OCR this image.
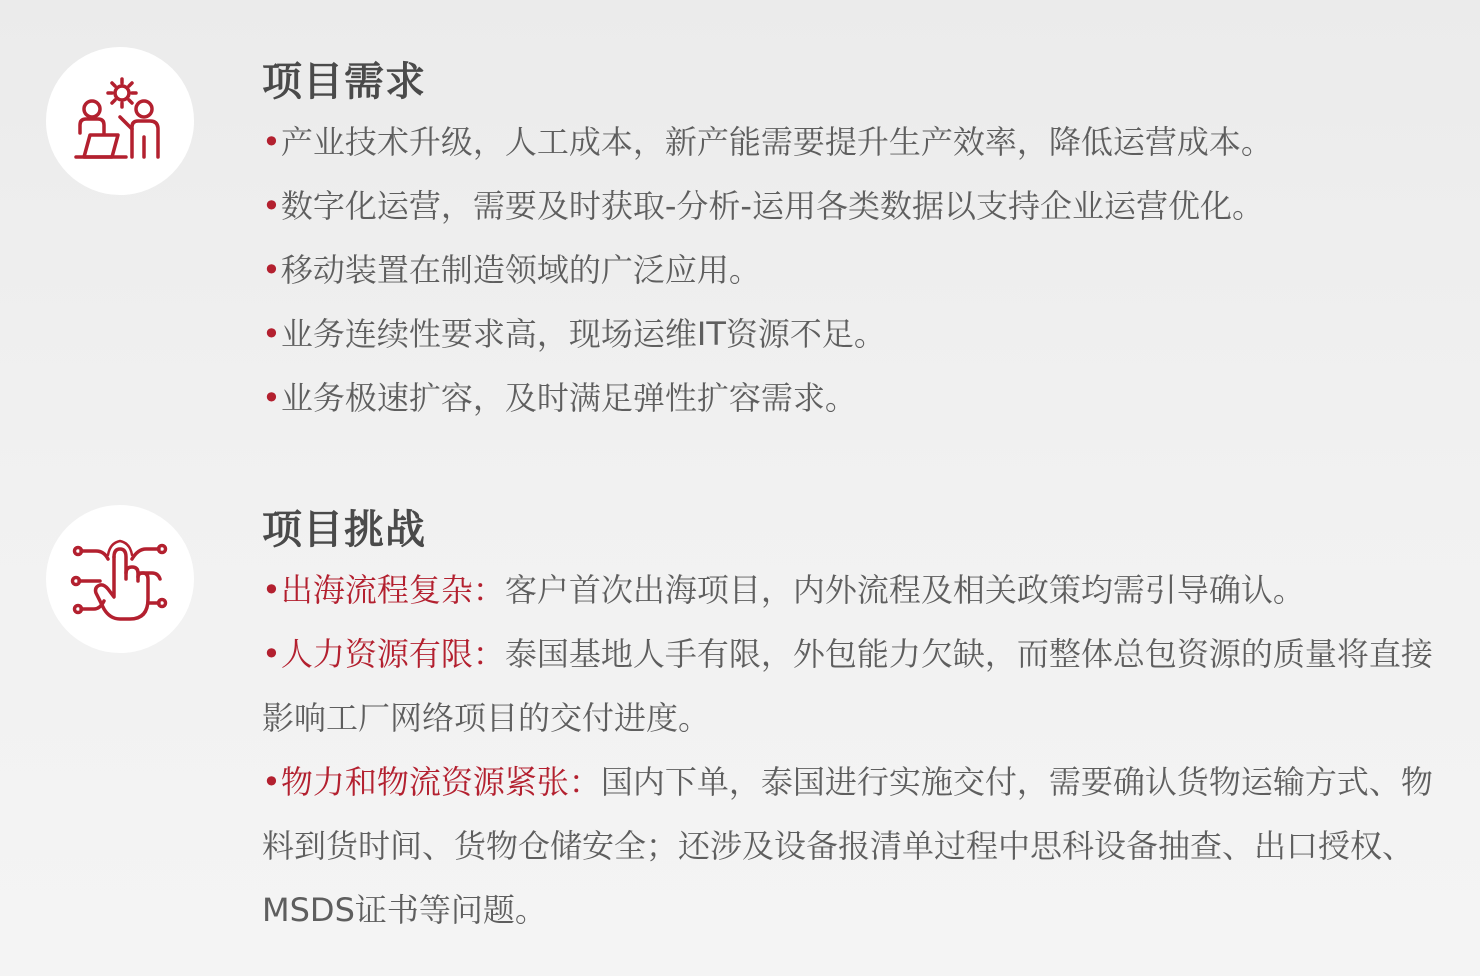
项目需求

•产业技术升级，人工成本，新产能需要提升生产效率，降低运营成本。

•数字化运营，需要及时获取-分析-运用各类数据以支持企业运营优化。

•移动装置在制造领域的广泛应用。

•业务连续性要求高，现场运维IT资源不足。

•业务极速扩容，及时满足弹性扩容需求。

项目挑战

•出海流程复杂：客户首次出海项目，内外流程及相关政策均需引导确认。

•人力资源有限：泰国基地人手有限，外包能力欠缺，而整体总包资源的质量将直接影响工厂网络项目的交付进度。

•物力和物流资源紧张：国内下单，泰国进行实施交付，需要确认货物运输方式、物料到货时间、货物仓储安全；还涉及设备报清单过程中思科设备抽查、出口授权、MSDS证书等问题。
